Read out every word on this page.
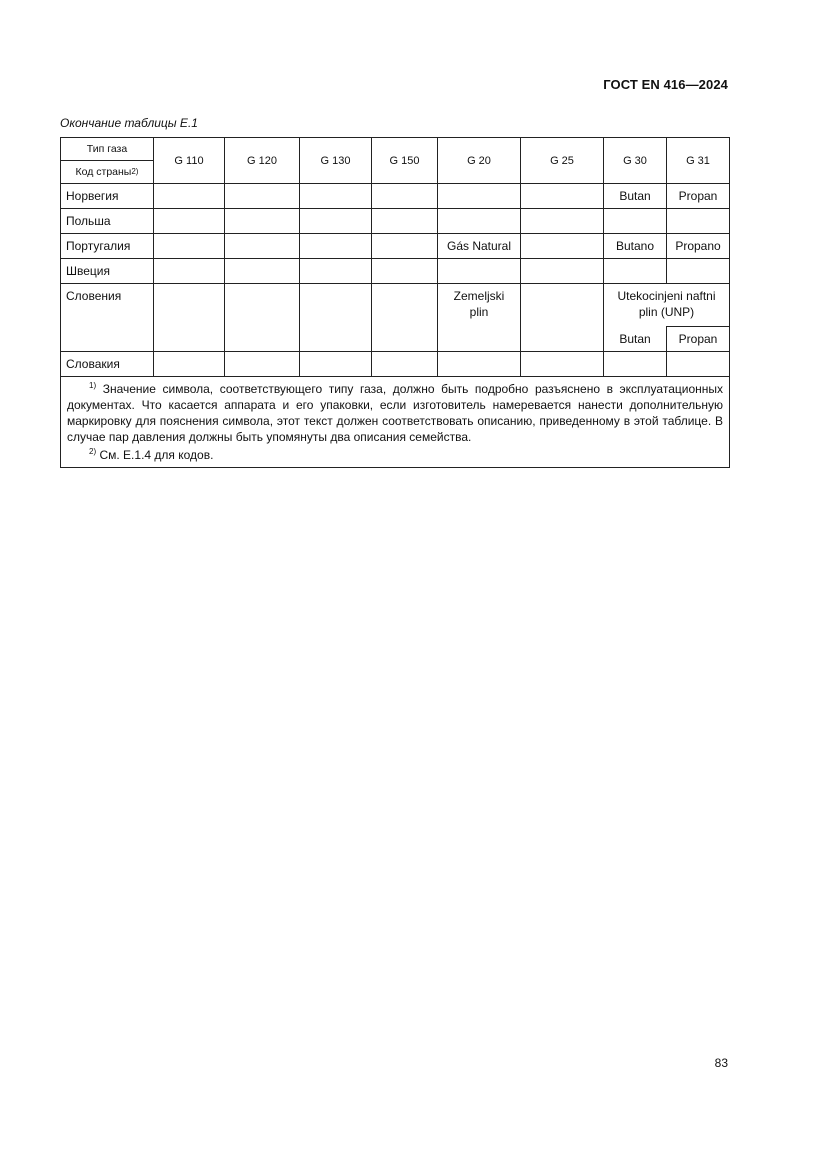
ГОСТ EN 416—2024
Окончание таблицы Е.1
Тип газа
Код страны 2)	G 110	G 120	G 130	G 150	G 20	G 25	G 30	G 31
Норвегия							Butan	Propan
Польша								
Португалия					Gás Natural		Butano	Propano
Швеция								
Словения					Zemeljski plin		Utekocinjeni naftni plin (UNP)	
							Butan	Propan
Словакия								

$^{1)}$ Значение символа, соответствующего типу газа, должно быть подробно разъяснено в эксплуатационных документах. Что касается аппарата и его упаковки, если изготовитель намеревается нанести дополнительную маркировку для пояснения символа, этот текст должен соответствовать описанию, приведенному в этой таблице. В случае пар давления должны быть упомянуты два описания семейства.

$^{2)}$ См. Е.1.4 для кодов.								

83
